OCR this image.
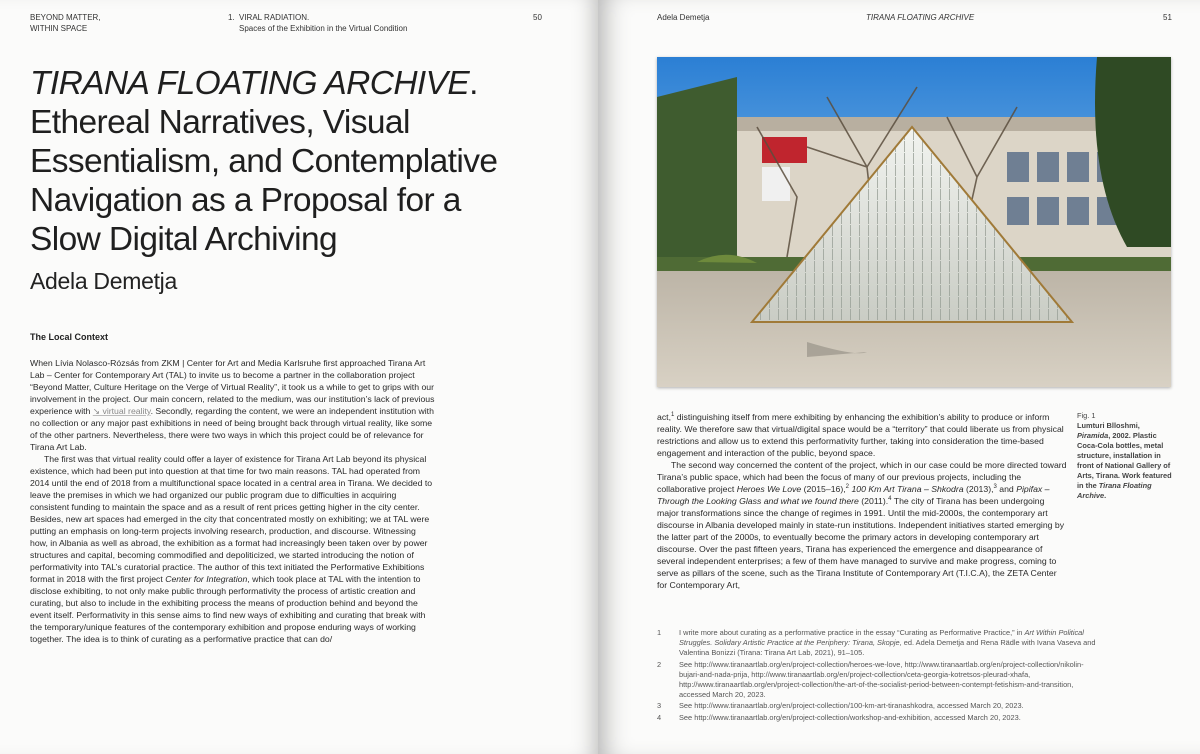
BEYOND MATTER,
WITHIN SPACE
1. VIRAL RADIATION.
Spaces of the Exhibition in the Virtual Condition
50
TIRANA FLOATING ARCHIVE.
Ethereal Narratives, Visual
Essentialism, and Contemplative
Navigation as a Proposal for a
Slow Digital Archiving
Adela Demetja
The Local Context
When Lívia Nolasco-Rózsás from ZKM | Center for Art and Media Karlsruhe first approached Tirana Art Lab – Center for Contemporary Art (TAL) to invite us to become a partner in the collaboration project “Beyond Matter, Culture Heritage on the Verge of Virtual Reality”, it took us a while to get to grips with our involvement in the project. Our main concern, related to the medium, was our institution’s lack of previous experience with ↘ virtual reality. Secondly, regarding the content, we were an independent institution with no collection or any major past exhibitions in need of being brought back through virtual reality, like some of the other partners. Nevertheless, there were two ways in which this project could be of relevance for Tirana Art Lab.
The first was that virtual reality could offer a layer of existence for Tirana Art Lab beyond its physical existence, which had been put into question at that time for two main reasons. TAL had operated from 2014 until the end of 2018 from a multifunctional space located in a central area in Tirana. We decided to leave the premises in which we had organized our public program due to difficulties in acquiring consistent funding to maintain the space and as a result of rent prices getting higher in the city center. Besides, new art spaces had emerged in the city that concentrated mostly on exhibiting; we at TAL were putting an emphasis on long-term projects involving research, production, and discourse. Witnessing how, in Albania as well as abroad, the exhibition as a format had increasingly been taken over by power structures and capital, becoming commodified and depoliticized, we started introducing the notion of performativity into TAL’s curatorial practice. The author of this text initiated the Performative Exhibitions format in 2018 with the first project Center for Integration, which took place at TAL with the intention to disclose exhibiting, to not only make public through performativity the process of artistic creation and curating, but also to include in the exhibiting process the means of production behind and beyond the event itself. Performativity in this sense aims to find new ways of exhibiting and curating that break with the temporary/unique features of the contemporary exhibition and propose enduring ways of working together. The idea is to think of curating as a performative practice that can do/
Adela Demetja	TIRANA FLOATING ARCHIVE	51
Fig. 1
Lumturi Blloshmi,
Piramida, 2002. Plastic Coca-Cola bottles, metal structure, installation in front of National Gallery of Arts, Tirana. Work featured in the Tirana Floating Archive.
act,$^1$ distinguishing itself from mere exhibiting by enhancing the exhibition’s ability to produce or inform reality. We therefore saw that virtual/digital space would be a “territory” that could liberate us from physical restrictions and allow us to extend this performativity further, taking into consideration the time-based engagement and interaction of the public, beyond space.
The second way concerned the content of the project, which in our case could be more directed toward Tirana’s public space, which had been the focus of many of our previous projects, including the collaborative project Heroes We Love (2015–16),$^2$ 100 Km Art Tirana – Shkodra (2013),$^3$ and Pipifax – Through the Looking Glass and what we found there (2011).$^4$ The city of Tirana has been undergoing major transformations since the change of regimes in 1991. Until the mid-2000s, the contemporary art discourse in Albania developed mainly in state-run institutions. Independent initiatives started emerging by the latter part of the 2000s, to eventually become the primary actors in developing contemporary art discourse. Over the past fifteen years, Tirana has experienced the emergence and disappearance of several independent enterprises; a few of them have managed to survive and make progress, coming to serve as pillars of the scene, such as the Tirana Institute of Contemporary Art (T.I.C.A), the ZETA Center for Contemporary Art,
1 I write more about curating as a performative practice in the essay “Curating as Performative Practice,” in Art Within Political Struggles. Solidary Artistic Practice at the Periphery: Tirana, Skopje, ed. Adela Demetja and Rena Rädle with Ivana Vaseva and Valentina Bonizzi (Tirana: Tirana Art Lab, 2021), 91–105.
2 See http://www.tiranaartlab.org/en/project-collection/heroes-we-love, http://www.tiranaartlab.org/en/project-collection/nikolin-bujari-and-nada-prija, http://www.tiranaartlab.org/en/project-collection/ceta-georgia-kotretsos-pleurad-xhafa, http://www.tiranaartlab.org/en/project-collection/the-art-of-the-socialist-period-between-contempt-fetishism-and-transition, accessed March 20, 2023.
3 See http://www.tiranaartlab.org/en/project-collection/100-km-art-tiranashkodra, accessed March 20, 2023.
4 See http://www.tiranaartlab.org/en/project-collection/workshop-and-exhibition, accessed March 20, 2023.
